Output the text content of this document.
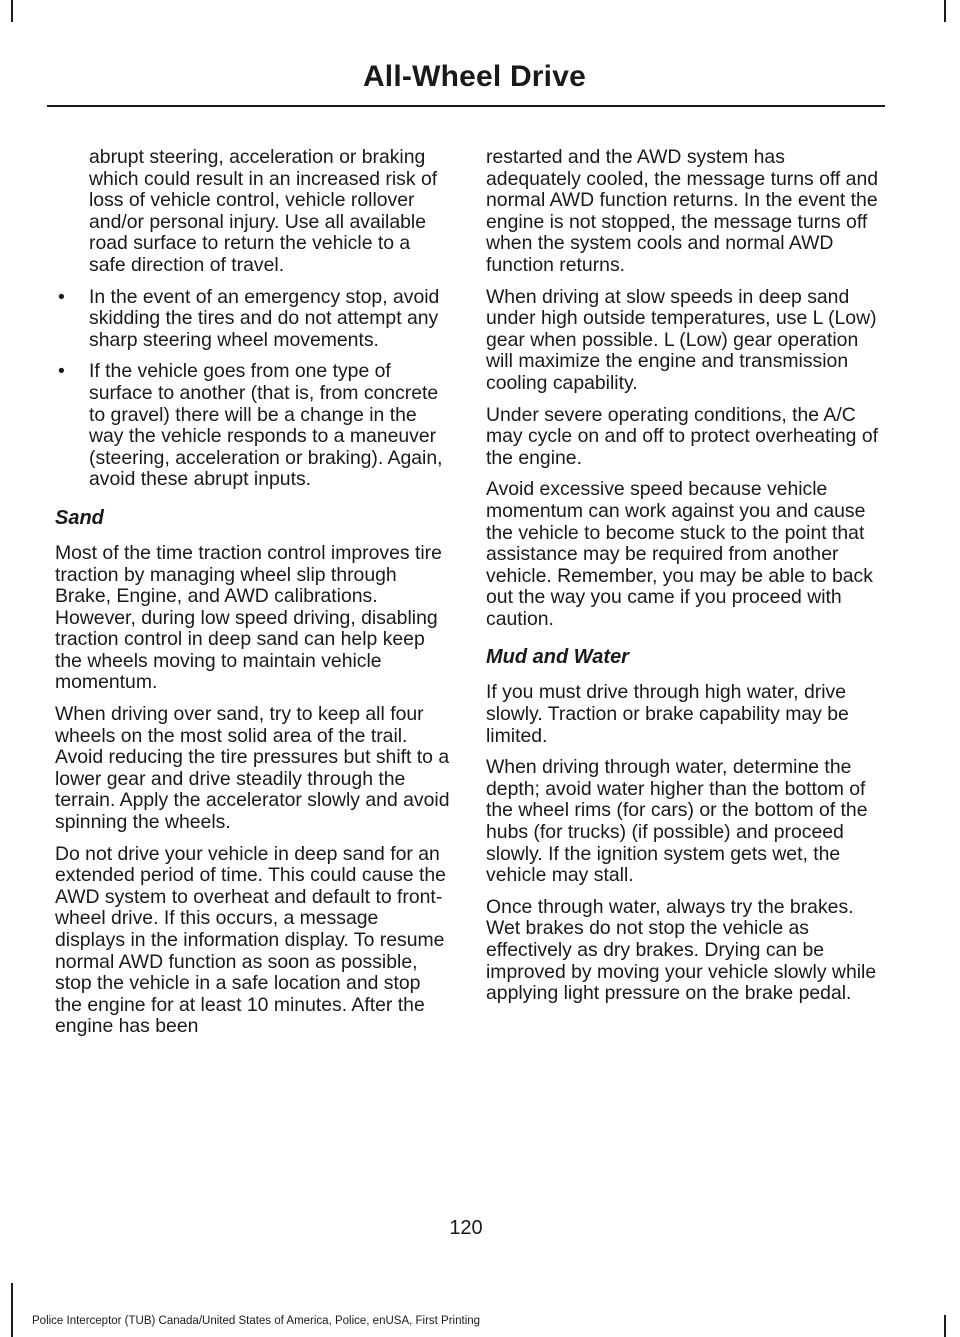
All-Wheel Drive

abrupt steering, acceleration or braking which could result in an increased risk of loss of vehicle control, vehicle rollover and/or personal injury. Use all available road surface to return the vehicle to a safe direction of travel.

• In the event of an emergency stop, avoid skidding the tires and do not attempt any sharp steering wheel movements.
• If the vehicle goes from one type of surface to another (that is, from concrete to gravel) there will be a change in the way the vehicle responds to a maneuver (steering, acceleration or braking). Again, avoid these abrupt inputs.
Sand

Most of the time traction control improves tire traction by managing wheel slip through Brake, Engine, and AWD calibrations. However, during low speed driving, disabling traction control in deep sand can help keep the wheels moving to maintain vehicle momentum.

When driving over sand, try to keep all four wheels on the most solid area of the trail. Avoid reducing the tire pressures but shift to a lower gear and drive steadily through the terrain. Apply the accelerator slowly and avoid spinning the wheels.

Do not drive your vehicle in deep sand for an extended period of time. This could cause the AWD system to overheat and default to front-wheel drive. If this occurs, a message displays in the information display. To resume normal AWD function as soon as possible, stop the vehicle in a safe location and stop the engine for at least 10 minutes. After the engine has been

restarted and the AWD system has adequately cooled, the message turns off and normal AWD function returns. In the event the engine is not stopped, the message turns off when the system cools and normal AWD function returns.

When driving at slow speeds in deep sand under high outside temperatures, use L (Low) gear when possible. L (Low) gear operation will maximize the engine and transmission cooling capability.

Under severe operating conditions, the A/C may cycle on and off to protect overheating of the engine.

Avoid excessive speed because vehicle momentum can work against you and cause the vehicle to become stuck to the point that assistance may be required from another vehicle. Remember, you may be able to back out the way you came if you proceed with caution.

Mud and Water

If you must drive through high water, drive slowly. Traction or brake capability may be limited.

When driving through water, determine the depth; avoid water higher than the bottom of the wheel rims (for cars) or the bottom of the hubs (for trucks) (if possible) and proceed slowly. If the ignition system gets wet, the vehicle may stall.

Once through water, always try the brakes. Wet brakes do not stop the vehicle as effectively as dry brakes. Drying can be improved by moving your vehicle slowly while applying light pressure on the brake pedal.

120
Police Interceptor (TUB) Canada/United States of America, Police, enUSA, First Printing
